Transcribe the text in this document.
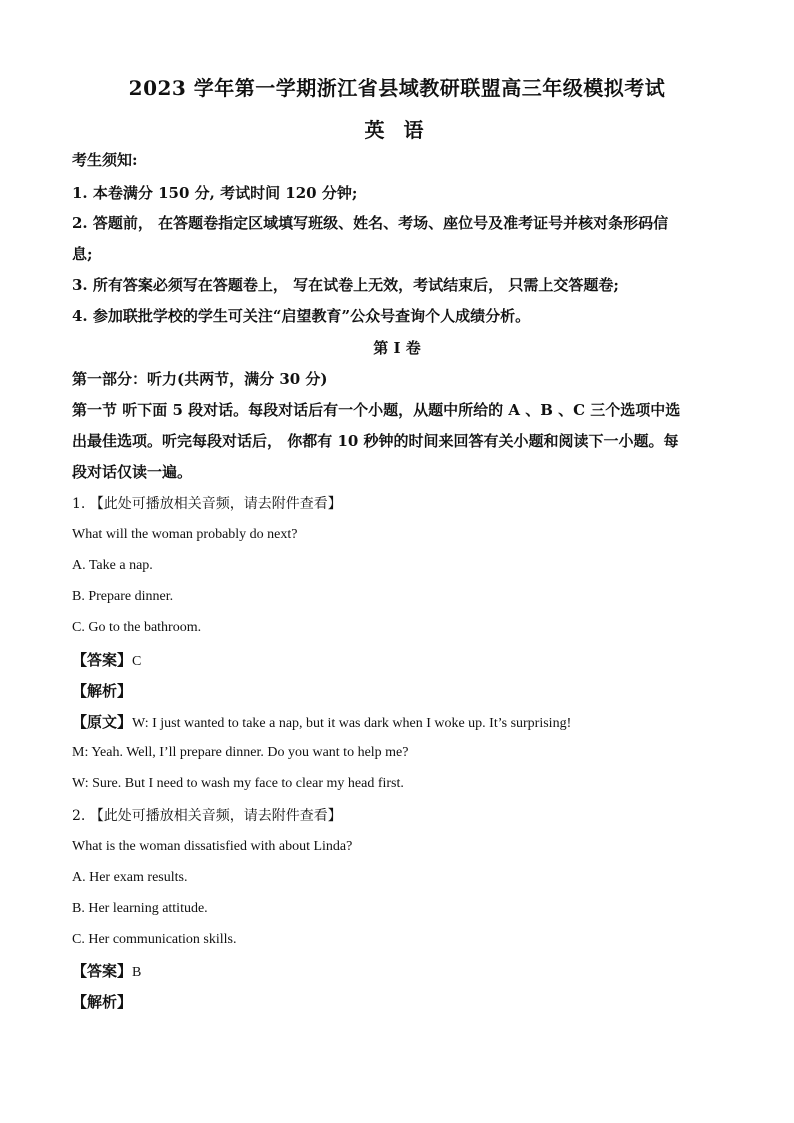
2023 学年第一学期浙江省县域教研联盟高三年级模拟考试
英 语
考生须知:
1. 本卷满分 150 分, 考试时间 120 分钟;
2. 答题前， 在答题卷指定区域填写班级、姓名、考场、座位号及准考证号并核对条形码信
息;
3. 所有答案必须写在答题卷上， 写在试卷上无效，考试结束后， 只需上交答题卷;
4. 参加联批学校的学生可关注“启望教育”公众号查询个人成绩分析。
第 I 卷
第一部分：听力(共两节，满分 30 分)
第一节 听下面 5 段对话。每段对话后有一个小题，从题中所给的 A 、B 、C 三个选项中选
出最佳选项。听完每段对话后， 你都有 10 秒钟的时间来回答有关小题和阅读下一小题。每
段对话仅读一遍。
1. 【此处可播放相关音频，请去附件查看】
What will the woman probably do next?
A. Take a nap.
B. Prepare dinner.
C. Go to the bathroom.
【答案】C
【解析】
【原文】W: I just wanted to take a nap, but it was dark when I woke up. It’s surprising!
M: Yeah. Well, I’ll prepare dinner. Do you want to help me?
W: Sure. But I need to wash my face to clear my head first.
2. 【此处可播放相关音频，请去附件查看】
What is the woman dissatisfied with about Linda?
A. Her exam results.
B. Her learning attitude.
C. Her communication skills.
【答案】B
【解析】
